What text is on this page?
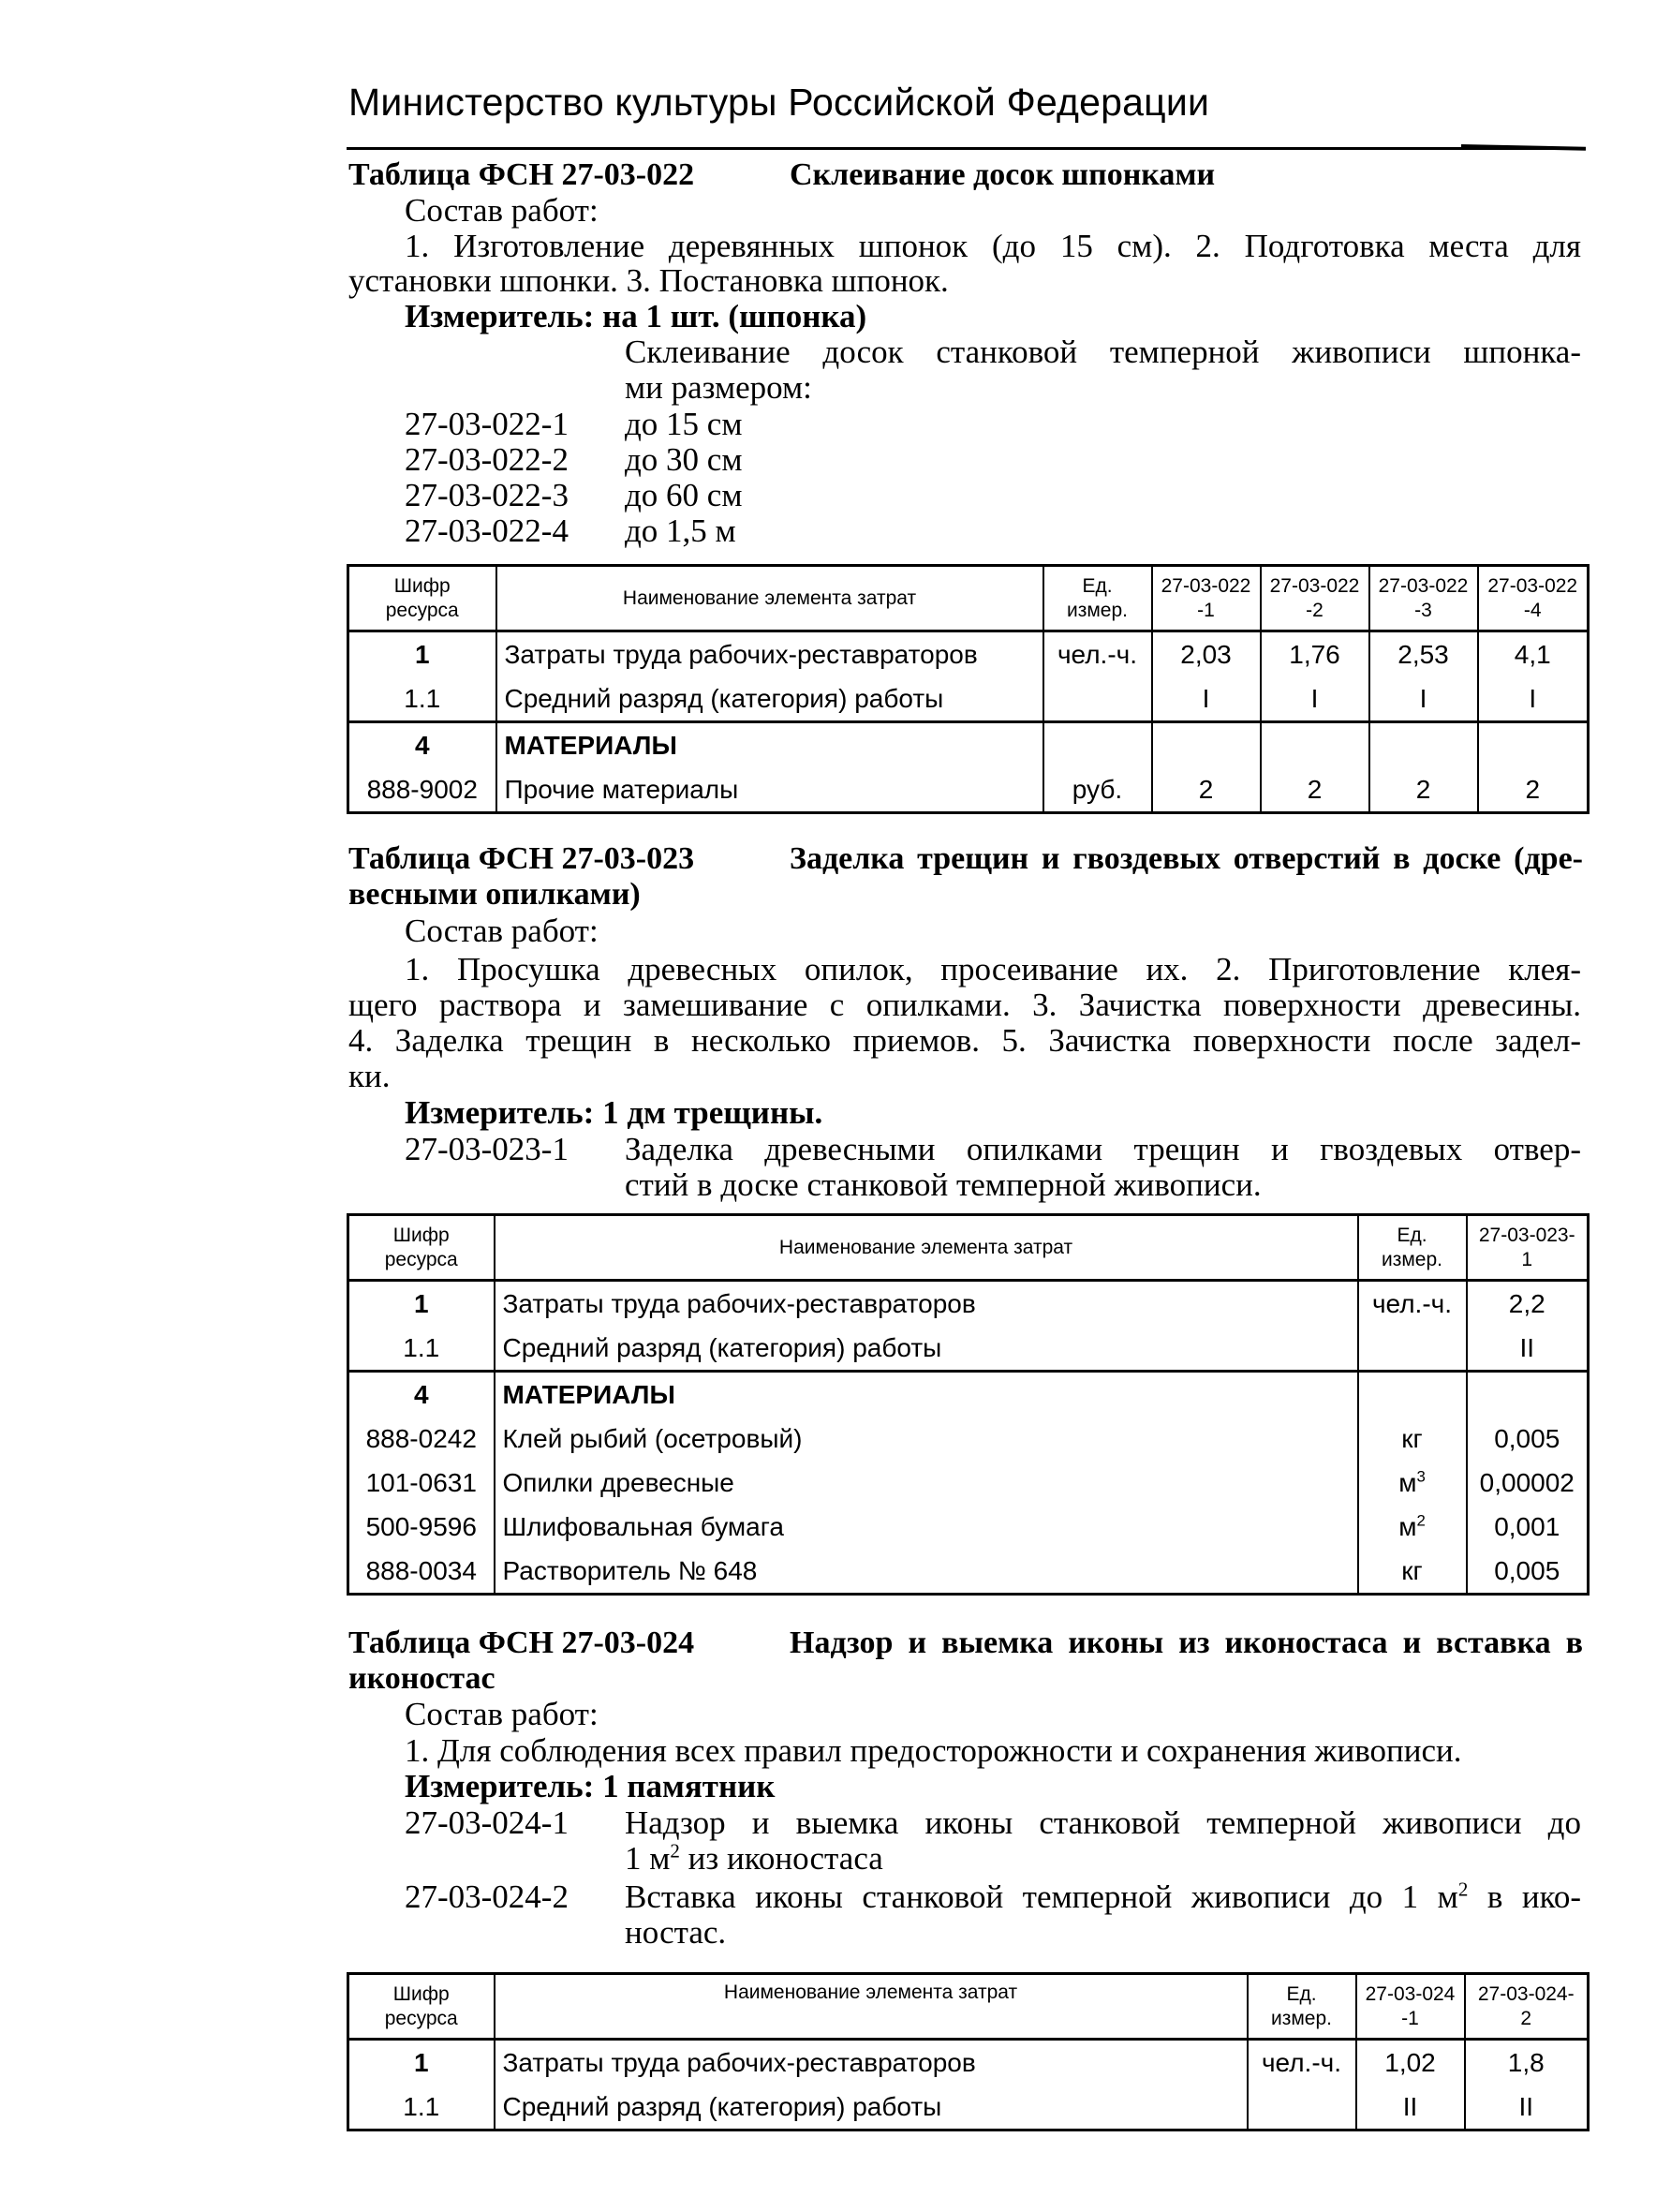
Министерство культуры Российской Федерации
Таблица ФСН 27-03-022	Склеивание досок шпонками
Состав работ:
1. Изготовление деревянных шпонок (до 15 см). 2. Подготовка места для
установки шпонки. 3. Постановка шпонок.
Измеритель: на 1 шт. (шпонка)
Склеивание досок станковой темперной живописи шпонка-
ми размером:
27-03-022-1 до 15 см
27-03-022-2 до 30 см
27-03-022-3 до 60 см
27-03-022-4 до 1,5 м
Шифр ресурса	Наименование элемента затрат	Ед. измер.	27-03-022-1	27-03-022-2	27-03-022-3	27-03-022-4
1	Затраты труда рабочих-реставраторов	чел.-ч.	2,03	1,76	2,53	4,1
1.1	Средний разряд (категория) работы		I	I	I	I
4	МАТЕРИАЛЫ					
888-9002	Прочие материалы	руб.	2	2	2	2
Таблица ФСН 27-03-023	Заделка трещин и гвоздевых отверстий в доске (дре-
весными опилками)
Состав работ:
1. Просушка древесных опилок, просеивание их. 2. Приготовление клея-
щего раствора и замешивание с опилками. 3. Зачистка поверхности древесины.
4. Заделка трещин в несколько приемов. 5. Зачистка поверхности после задел-
ки.
Измеритель: 1 дм трещины.
27-03-023-1 Заделка древесными опилками трещин и гвоздевых отвер-
стий в доске станковой темперной живописи.
Шифр ресурса	Наименование элемента затрат	Ед. измер.	27-03-023-1
1	Затраты труда рабочих-реставраторов	чел.-ч.	2,2
1.1	Средний разряд (категория) работы		II
4	МАТЕРИАЛЫ		
888-0242	Клей рыбий (осетровый)	кг	0,005
101-0631	Опилки древесные	$м^3$	0,00002
500-9596	Шлифовальная бумага	$м^2$	0,001
888-0034	Растворитель № 648	кг	0,005
Таблица ФСН 27-03-024	Надзор и выемка иконы из иконостаса и вставка в
иконостас
Состав работ:
1. Для соблюдения всех правил предосторожности и сохранения живописи.
Измеритель: 1 памятник
27-03-024-1 Надзор и выемка иконы станковой темперной живописи до
1 $м^2$ из иконостаса
27-03-024-2 Вставка иконы станковой темперной живописи до 1 $м^2$ в ико-
ностас.
Шифр ресурса	Наименование элемента затрат	Ед. измер.	27-03-024-1	27-03-024-2
1	Затраты труда рабочих-реставраторов	чел.-ч.	1,02	1,8
1.1	Средний разряд (категория) работы		II	II
